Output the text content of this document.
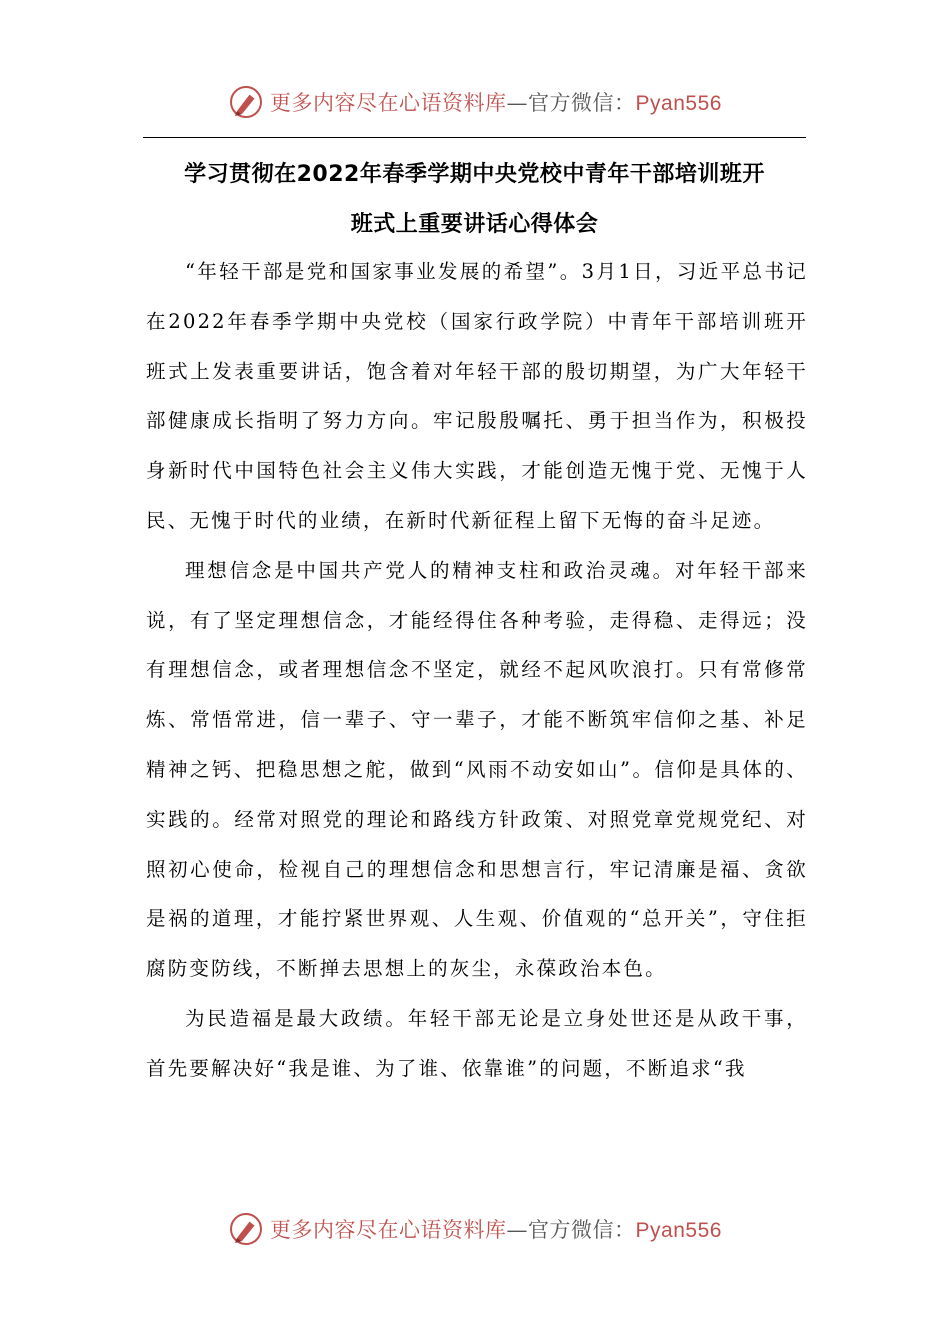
更多内容尽在心语资料库—官方微信：Pyan556
学习贯彻在2022年春季学期中央党校中青年干部培训班开
班式上重要讲话心得体会

“年轻干部是党和国家事业发展的希望”。3月1日，习近平总书记在2022年春季学期中央党校（国家行政学院）中青年干部培训班开班式上发表重要讲话，饱含着对年轻干部的殷切期望，为广大年轻干部健康成长指明了努力方向。牢记殷殷嘱托、勇于担当作为，积极投身新时代中国特色社会主义伟大实践，才能创造无愧于党、无愧于人民、无愧于时代的业绩，在新时代新征程上留下无悔的奋斗足迹。

理想信念是中国共产党人的精神支柱和政治灵魂。对年轻干部来说，有了坚定理想信念，才能经得住各种考验，走得稳、走得远；没有理想信念，或者理想信念不坚定，就经不起风吹浪打。只有常修常炼、常悟常进，信一辈子、守一辈子，才能不断筑牢信仰之基、补足精神之钙、把稳思想之舵，做到“风雨不动安如山”。信仰是具体的、实践的。经常对照党的理论和路线方针政策、对照党章党规党纪、对照初心使命，检视自己的理想信念和思想言行，牢记清廉是福、贪欲是祸的道理，才能拧紧世界观、人生观、价值观的“总开关”，守住拒腐防变防线，不断掸去思想上的灰尘，永葆政治本色。

为民造福是最大政绩。年轻干部无论是立身处世还是从政干事，首先要解决好“我是谁、为了谁、依靠谁”的问题，不断追求“我

更多内容尽在心语资料库—官方微信：Pyan556
